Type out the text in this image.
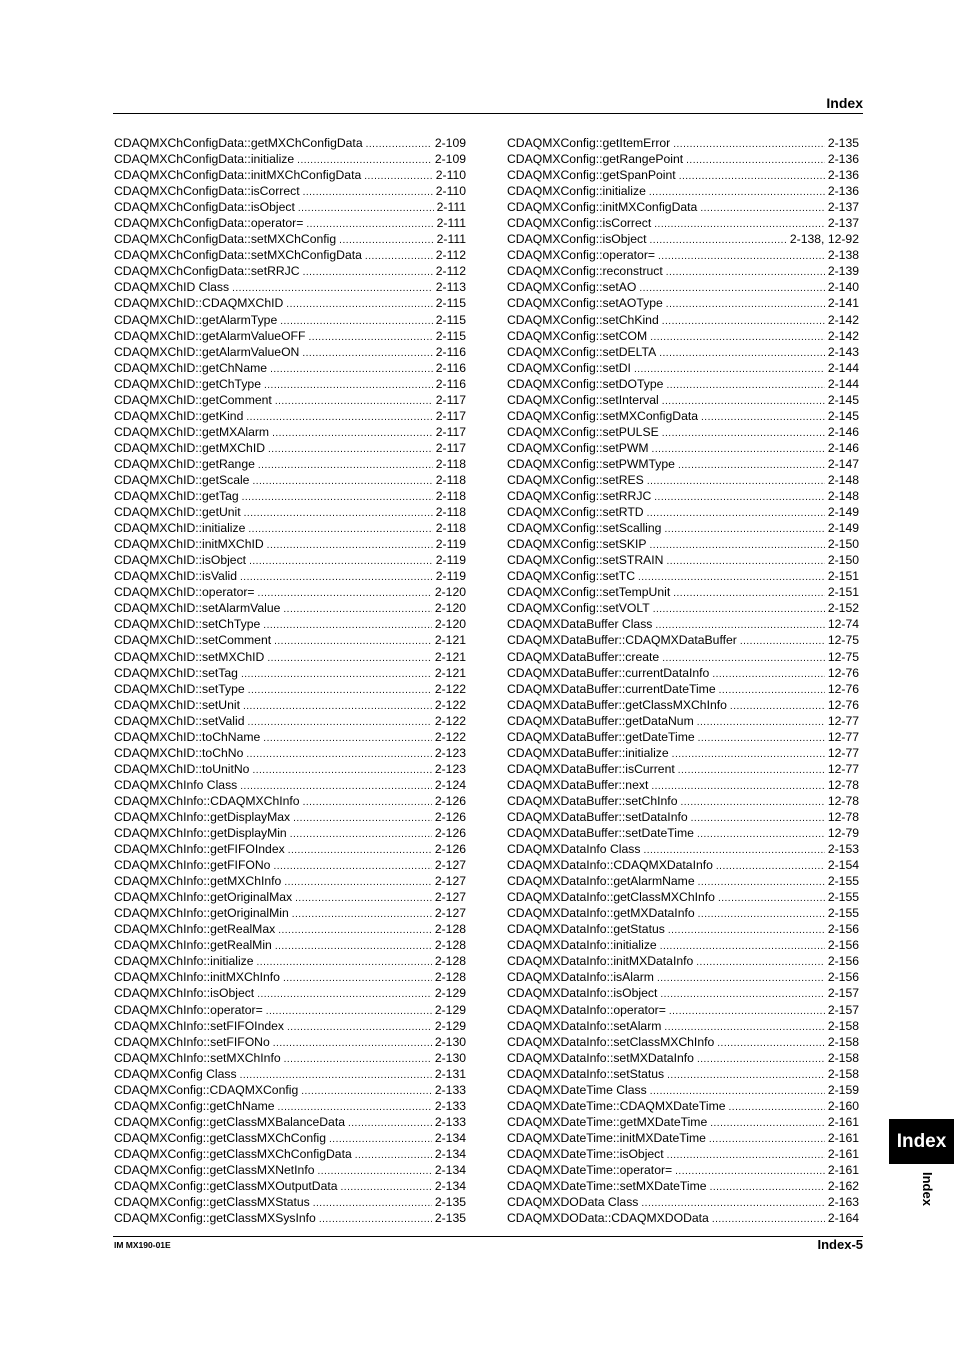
Index
CDAQMXChConfigData::getMXChConfigData .....	2-109
CDAQMXChConfigData::initialize .....	2-109
CDAQMXChConfigData::initMXChConfigData .....	2-110
CDAQMXChConfigData::isCorrect .....	2-110
CDAQMXChConfigData::isObject .....	2-111
CDAQMXChConfigData::operator= .....	2-111
CDAQMXChConfigData::setMXChConfig .....	2-111
CDAQMXChConfigData::setMXChConfigData .....	2-112
CDAQMXChConfigData::setRRJC .....	2-112
CDAQMXChID Class .....	2-113
CDAQMXChID::CDAQMXChID .....	2-115
CDAQMXChID::getAlarmType .....	2-115
CDAQMXChID::getAlarmValueOFF .....	2-115
CDAQMXChID::getAlarmValueON .....	2-116
CDAQMXChID::getChName .....	2-116
CDAQMXChID::getChType .....	2-116
CDAQMXChID::getComment .....	2-117
CDAQMXChID::getKind .....	2-117
CDAQMXChID::getMXAlarm .....	2-117
CDAQMXChID::getMXChID .....	2-117
CDAQMXChID::getRange .....	2-118
CDAQMXChID::getScale .....	2-118
CDAQMXChID::getTag .....	2-118
CDAQMXChID::getUnit .....	2-118
CDAQMXChID::initialize .....	2-118
CDAQMXChID::initMXChID .....	2-119
CDAQMXChID::isObject .....	2-119
CDAQMXChID::isValid .....	2-119
CDAQMXChID::operator= .....	2-120
CDAQMXChID::setAlarmValue .....	2-120
CDAQMXChID::setChType .....	2-120
CDAQMXChID::setComment .....	2-121
CDAQMXChID::setMXChID .....	2-121
CDAQMXChID::setTag .....	2-121
CDAQMXChID::setType .....	2-122
CDAQMXChID::setUnit .....	2-122
CDAQMXChID::setValid .....	2-122
CDAQMXChID::toChName .....	2-122
CDAQMXChID::toChNo .....	2-123
CDAQMXChID::toUnitNo .....	2-123
CDAQMXChInfo Class .....	2-124
CDAQMXChInfo::CDAQMXChInfo .....	2-126
CDAQMXChInfo::getDisplayMax .....	2-126
CDAQMXChInfo::getDisplayMin .....	2-126
CDAQMXChInfo::getFIFOIndex .....	2-126
CDAQMXChInfo::getFIFONo .....	2-127
CDAQMXChInfo::getMXChInfo .....	2-127
CDAQMXChInfo::getOriginalMax .....	2-127
CDAQMXChInfo::getOriginalMin .....	2-127
CDAQMXChInfo::getRealMax .....	2-128
CDAQMXChInfo::getRealMin .....	2-128
CDAQMXChInfo::initialize .....	2-128
CDAQMXChInfo::initMXChInfo .....	2-128
CDAQMXChInfo::isObject .....	2-129
CDAQMXChInfo::operator= .....	2-129
CDAQMXChInfo::setFIFOIndex .....	2-129
CDAQMXChInfo::setFIFONo .....	2-130
CDAQMXChInfo::setMXChInfo .....	2-130
CDAQMXConfig Class .....	2-131
CDAQMXConfig::CDAQMXConfig .....	2-133
CDAQMXConfig::getChName .....	2-133
CDAQMXConfig::getClassMXBalanceData .....	2-133
CDAQMXConfig::getClassMXChConfig .....	2-134
CDAQMXConfig::getClassMXChConfigData .....	2-134
CDAQMXConfig::getClassMXNetInfo .....	2-134
CDAQMXConfig::getClassMXOutputData .....	2-134
CDAQMXConfig::getClassMXStatus .....	2-135
CDAQMXConfig::getClassMXSysInfo .....	2-135
CDAQMXConfig::getItemError .....	2-135
CDAQMXConfig::getRangePoint .....	2-136
CDAQMXConfig::getSpanPoint .....	2-136
CDAQMXConfig::initialize .....	2-136
CDAQMXConfig::initMXConfigData .....	2-137
CDAQMXConfig::isCorrect .....	2-137
CDAQMXConfig::isObject .....	2-138, 12-92
CDAQMXConfig::operator= .....	2-138
CDAQMXConfig::reconstruct .....	2-139
CDAQMXConfig::setAO .....	2-140
CDAQMXConfig::setAOType .....	2-141
CDAQMXConfig::setChKind .....	2-142
CDAQMXConfig::setCOM .....	2-142
CDAQMXConfig::setDELTA .....	2-143
CDAQMXConfig::setDI .....	2-144
CDAQMXConfig::setDOType .....	2-144
CDAQMXConfig::setInterval .....	2-145
CDAQMXConfig::setMXConfigData .....	2-145
CDAQMXConfig::setPULSE .....	2-146
CDAQMXConfig::setPWM .....	2-146
CDAQMXConfig::setPWMType .....	2-147
CDAQMXConfig::setRES .....	2-148
CDAQMXConfig::setRRJC .....	2-148
CDAQMXConfig::setRTD .....	2-149
CDAQMXConfig::setScalling .....	2-149
CDAQMXConfig::setSKIP .....	2-150
CDAQMXConfig::setSTRAIN .....	2-150
CDAQMXConfig::setTC .....	2-151
CDAQMXConfig::setTempUnit .....	2-151
CDAQMXConfig::setVOLT .....	2-152
CDAQMXDataBuffer Class .....	12-74
CDAQMXDataBuffer::CDAQMXDataBuffer .....	12-75
CDAQMXDataBuffer::create .....	12-75
CDAQMXDataBuffer::currentDataInfo .....	12-76
CDAQMXDataBuffer::currentDateTime .....	12-76
CDAQMXDataBuffer::getClassMXChInfo .....	12-76
CDAQMXDataBuffer::getDataNum .....	12-77
CDAQMXDataBuffer::getDateTime .....	12-77
CDAQMXDataBuffer::initialize .....	12-77
CDAQMXDataBuffer::isCurrent .....	12-77
CDAQMXDataBuffer::next .....	12-78
CDAQMXDataBuffer::setChInfo .....	12-78
CDAQMXDataBuffer::setDataInfo .....	12-78
CDAQMXDataBuffer::setDateTime .....	12-79
CDAQMXDataInfo Class .....	2-153
CDAQMXDataInfo::CDAQMXDataInfo .....	2-154
CDAQMXDataInfo::getAlarmName .....	2-155
CDAQMXDataInfo::getClassMXChInfo .....	2-155
CDAQMXDataInfo::getMXDataInfo .....	2-155
CDAQMXDataInfo::getStatus .....	2-156
CDAQMXDataInfo::initialize .....	2-156
CDAQMXDataInfo::initMXDataInfo .....	2-156
CDAQMXDataInfo::isAlarm .....	2-156
CDAQMXDataInfo::isObject .....	2-157
CDAQMXDataInfo::operator= .....	2-157
CDAQMXDataInfo::setAlarm .....	2-158
CDAQMXDataInfo::setClassMXChInfo .....	2-158
CDAQMXDataInfo::setMXDataInfo .....	2-158
CDAQMXDataInfo::setStatus .....	2-158
CDAQMXDateTime Class .....	2-159
CDAQMXDateTime::CDAQMXDateTime .....	2-160
CDAQMXDateTime::getMXDateTime .....	2-161
CDAQMXDateTime::initMXDateTime .....	2-161
CDAQMXDateTime::isObject .....	2-161
CDAQMXDateTime::operator= .....	2-161
CDAQMXDateTime::setMXDateTime .....	2-162
CDAQMXDOData Class .....	2-163
CDAQMXDOData::CDAQMXDOData .....	2-164
IM MX190-01E	Index-5
Index
Index
